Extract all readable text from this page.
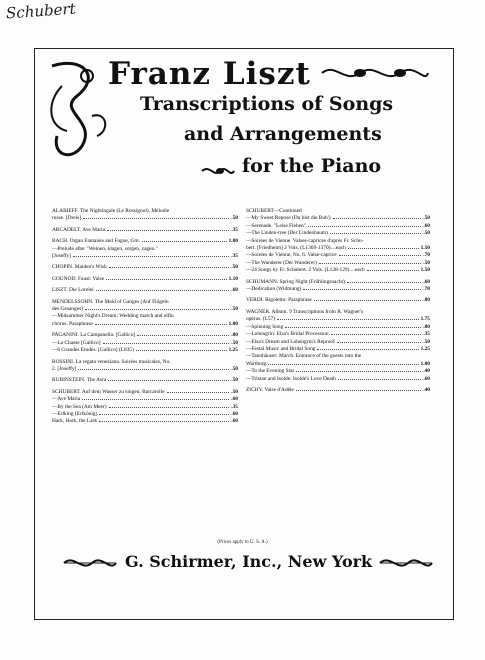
Schubert
Franz Liszt
Transcriptions of Songs
and Arrangements
for the Piano
ALABIEFF. The Nightingale (Le Rossignol). Mélodie
russe. [Dreis]	.50
ARCADELT. Ave Maria	.35
BACH. Organ Fantaisie and Fugue, Gm.	1.00
—Prelude after "Weinen, klagen, sorgen, zagen."
[Joseffy]	.35
CHOPIN. Maiden's Wish	.50
GOUNOD. Faust: Valse	1.10
LISZT. Die Lorelei	.60
MENDELSSOHN. The Maid of Ganges (Auf Flügeln
des Gesanges)	.50
—Midsummer Night's Dream: Wedding march and elfin
chorus. Paraphrase	1.00
PAGANINI. La Campanella. [Gallico]	.80
—La Chasse [Gallico]	.50
—6 Grandes Études. [Gallico] (L835)	1.25
ROSSINI. La regata veneziana. Soirées musicales, No.
2. [Joseffy]	.50
RUBINSTEIN. The Asra	.50
SCHUBERT. Auf dem Wasser zu singen. Barcarolle	.50
—Ave Maria	.60
—By the Sea (Am Meer)	.35
—Erlking (Erlkönig)	.60
Hark, Hark, the Lark	.60
SCHUBERT—Continued
—My Sweet Repose (Du bist die Ruh')	.50
—Serenade. "Leise Flehen"	.60
—The Linden-tree (Der Lindenbaum)	.50
—Soirées de Vienne. Valses-caprices d'après Fr. Schu-
bert. [Friedheim] 2 Vols. (L1369-1370)....each	1.50
—Soirées de Vienne, No. 6. Valse-caprice	.70
—The Wanderer (Der Wanderer)	.50
—24 Songs by Fr. Schubert. 2 Vols. (L128-129)....each	1.50
SCHUMANN. Spring Night (Frühlingsnacht)	.60
—Dedication (Widmung)	.70
VERDI. Rigoletto: Paraphrase	.80
WAGNER. Album. 9 Transcriptions from R. Wagner's
operas. (L57)	1.75
—Spinning Song	.80
—Lohengrin: Elsa's Bridal Procession	.35
—Elsa's Dream and Lohengrin's Reproof	.50
—Festal Music and Bridal Song	1.25
—Tannhäuser: March. Entrance of the guests into the
Wartburg	1.00
—To the Evening Star	.40
—Tristan and Isolde: Isolde's Love Death	.60
ZICHY. Valse d'Adèle	.40
(Prices apply to U. S. A.)
G. Schirmer, Inc., New York
